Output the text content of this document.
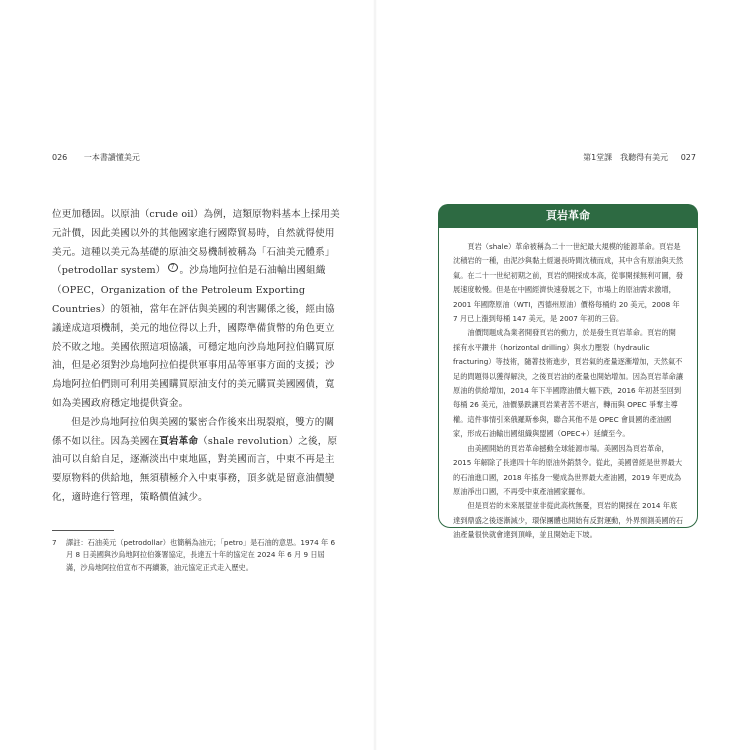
026 一本書讀懂美元

位更加穩固。以原油（crude oil）為例，這類原物料基本上採用美元計價，因此美國以外的其他國家進行國際貿易時，自然就得使用美元。這種以美元為基礎的原油交易機制被稱為「石油美元體系」（petrodollar system） $^7$ 。沙烏地阿拉伯是石油輸出國組織（OPEC，Organization of the Petroleum Exporting Countries）的領袖，當年在評估與美國的利害關係之後，經由協議達成這項機制，美元的地位得以上升，國際準備貨幣的角色更立於不敗之地。美國依照這項協議，可穩定地向沙烏地阿拉伯購買原油，但是必須對沙烏地阿拉伯提供軍事用品等軍事方面的支援；沙烏地阿拉伯們則可利用美國購買原油支付的美元購買美國國債，寬如為美國政府穩定地提供資金。

但是沙烏地阿拉伯與美國的緊密合作後來出現裂痕，雙方的關係不如以往。因為美國在頁岩革命（shale revolution）之後，原油可以自給自足，逐漸淡出中東地區，對美國而言，中東不再是主要原物料的供給地，無須積極介入中東事務，頂多就是留意油價變化，適時進行管理，策略價值減少。

7 譯註：石油美元（petrodollar）也簡稱為油元；「petro」是石油的意思。1974 年 6 月 8 日美國與沙烏地阿拉伯簽署協定，長達五十年的協定在 2024 年 6 月 9 日屆滿，沙烏地阿拉伯宣布不再續簽，油元協定正式走入歷史。
第1堂課　我聽得有美元 027
頁岩革命

頁岩（shale）革命被稱為二十一世紀最大規模的能源革命。頁岩是沈積岩的一種，由泥沙與黏土經過長時間沈積而成，其中含有原油與天然氣。在二十一世紀初期之前，頁岩的開採成本高，從事開採無利可圖，發展速度較慢。但是在中國經濟快速發展之下，市場上的原油需求激增，2001 年國際原油（WTI，西德州原油）價格每桶約 20 美元，2008 年 7 月已上漲到每桶 147 美元，是 2007 年初的三倍。

油價問題成為業者開發頁岩的動力，於是發生頁岩革命。頁岩的開採有水平鑽井（horizontal drilling）與水力壓裂（hydraulic fracturing）等技術，隨著技術進步，頁岩氣的產量逐漸增加，天然氣不足的問題得以獲得解決，之後頁岩油的產量也開始增加。因為頁岩革命讓原油的供給增加，2014 年下半國際油價大幅下跌，2016 年初甚至回到每桶 26 美元，油價暴跌讓頁岩業者苦不堪言，轉而與 OPEC 爭奪主導權。這件事情引來俄羅斯參與，聯合其他不是 OPEC 會員國的產油國家，形成石油輸出國組織與盟國（OPEC+）延續至今。

由美國開始的頁岩革命撼動全球能源市場。美國因為頁岩革命，2015 年解除了長達四十年的原油外銷禁令。從此，美國曾經是世界最大的石油進口國，2018 年搖身一變成為世界最大產油國，2019 年更成為原油淨出口國，不再受中東產油國家擺布。

但是頁岩的未來展望並非從此高枕無憂，頁岩的開採在 2014 年底達到鼎盛之後逐漸減少，環保團體也開始有反對運動，外界預測美國的石油產量很快就會達到頂峰，並且開始走下坡。
